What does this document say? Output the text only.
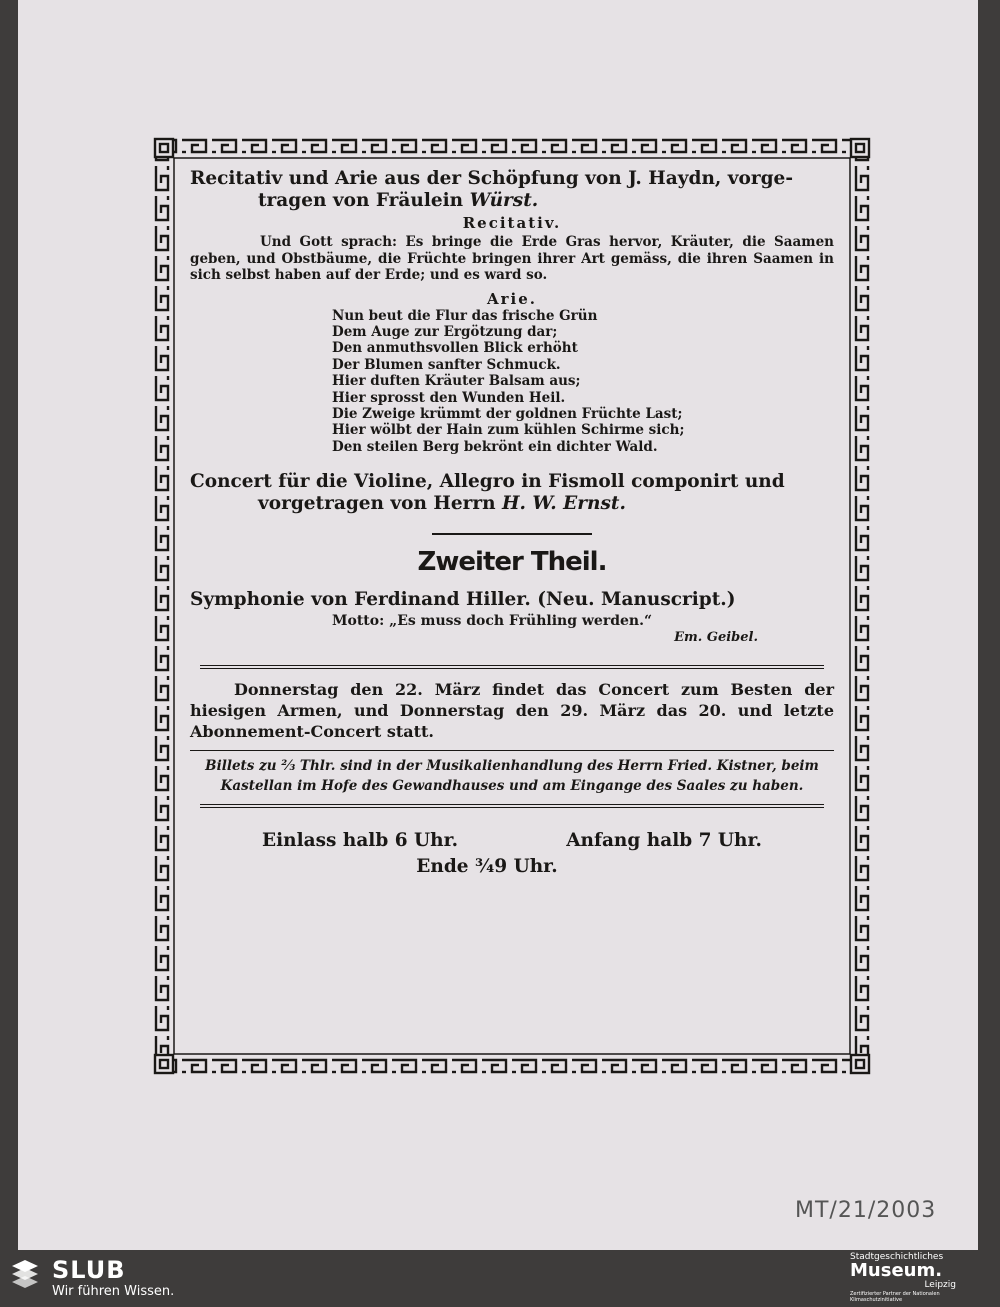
Recitativ und Arie aus der Schöpfung von J. Haydn, vorge-
tragen von Fräulein Würst.
Recitativ.
Und Gott sprach: Es bringe die Erde Gras hervor, Kräuter, die Saamen geben, und Obstbäume, die Früchte bringen ihrer Art gemäss, die ihren Saamen in sich selbst haben auf der Erde; und es ward so.
Arie.
Nun beut die Flur das frische Grün
Dem Auge zur Ergötzung dar;
Den anmuthsvollen Blick erhöht
Der Blumen sanfter Schmuck.
Hier duften Kräuter Balsam aus;
Hier sprosst den Wunden Heil.
Die Zweige krümmt der goldnen Früchte Last;
Hier wölbt der Hain zum kühlen Schirme sich;
Den steilen Berg bekrönt ein dichter Wald.
Concert für die Violine, Allegro in Fismoll componirt und
vorgetragen von Herrn H. W. Ernst.
Zweiter Theil.
Symphonie von Ferdinand Hiller. (Neu. Manuscript.)
Motto: „Es muss doch Frühling werden.“
Em. Geibel.
Donnerstag den 22. März findet das Concert zum Besten der hiesigen Armen, und Donnerstag den 29. März das 20. und letzte Abonnement-Concert statt.
Billets zu ⅔ Thlr. sind in der Musikalienhandlung des Herrn Fried. Kistner, beim Kastellan im Hofe des Gewandhauses und am Eingange des Saales zu haben.
Einlass halb 6 Uhr.	Anfang halb 7 Uhr.
Ende ¾9 Uhr.
MT/21/2003
SLUB
Wir führen Wissen.
Stadtgeschichtliches
Museum.
Leipzig
Zertifizierter Partner der Nationalen Klimaschutzinitiative
